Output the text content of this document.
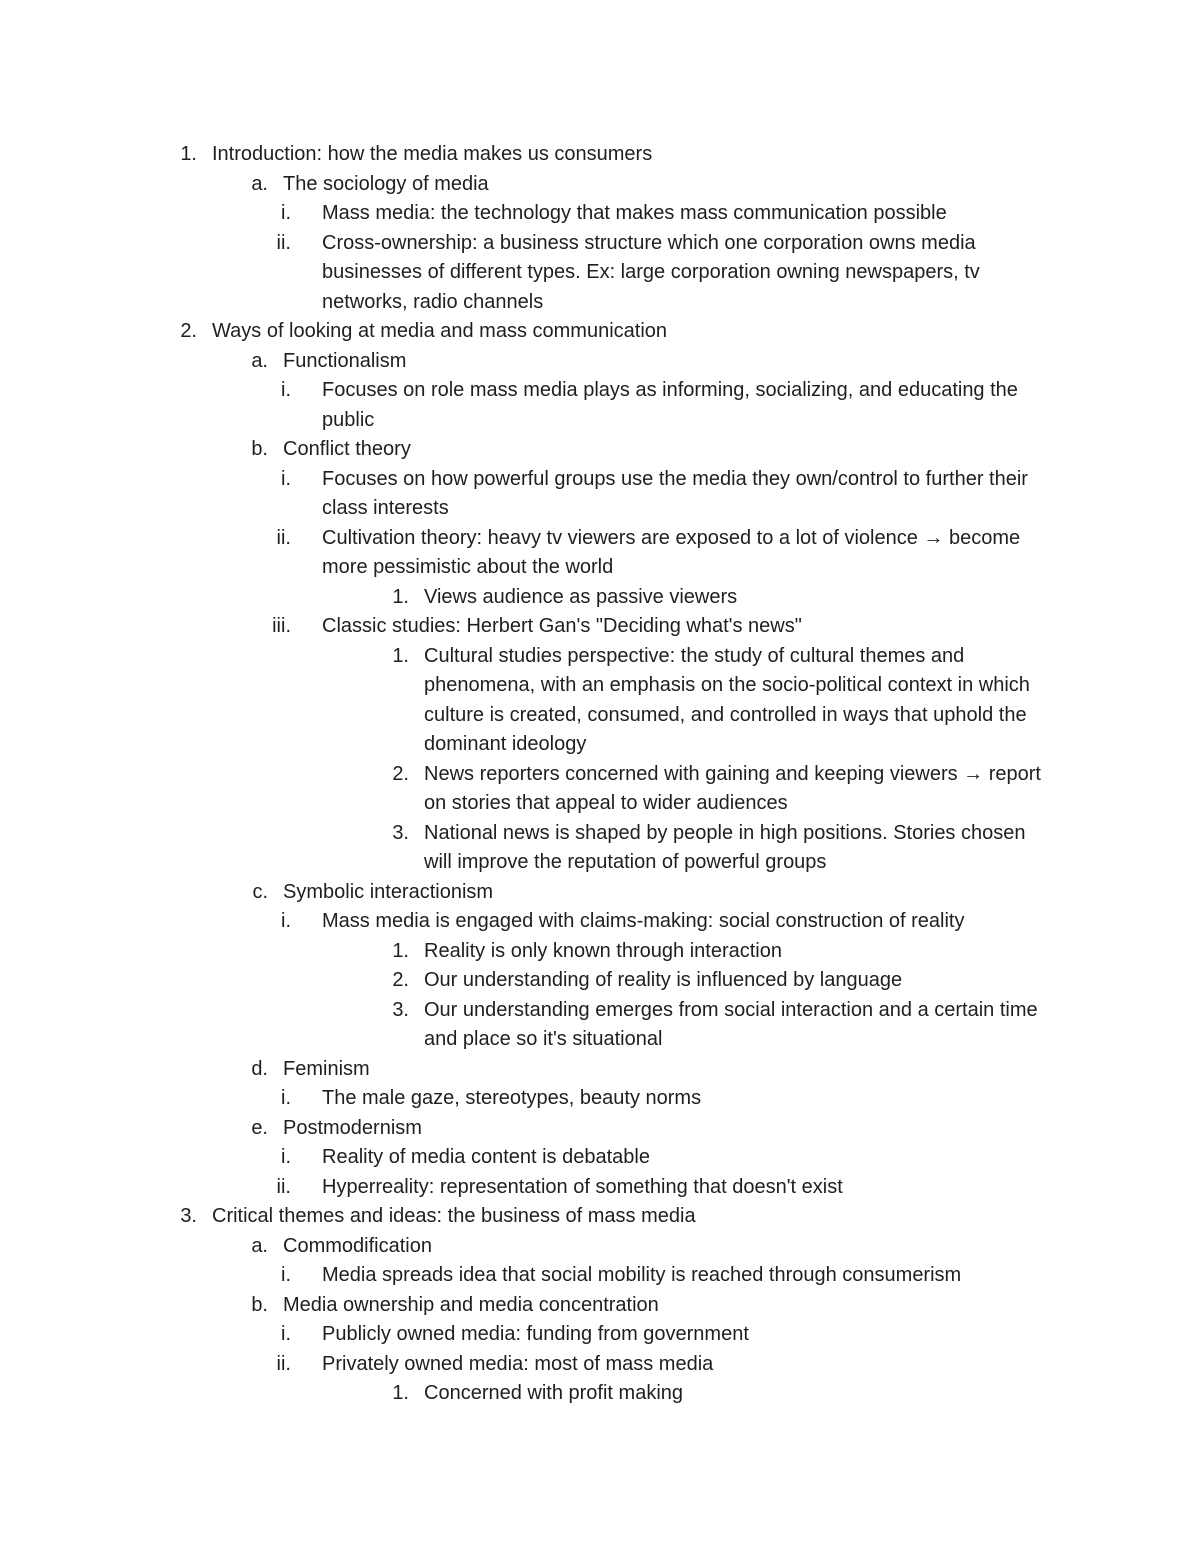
1. Introduction: how the media makes us consumers
a. The sociology of media
i.	Mass media: the technology that makes mass communication possible
ii.	Cross-ownership: a business structure which one corporation owns media businesses of different types. Ex: large corporation owning newspapers, tv networks, radio channels
2. Ways of looking at media and mass communication
a. Functionalism
i.	Focuses on role mass media plays as informing, socializing, and educating the public
b. Conflict theory
i.	Focuses on how powerful groups use the media they own/control to further their class interests
ii.	Cultivation theory: heavy tv viewers are exposed to a lot of violence → become more pessimistic about the world
1. Views audience as passive viewers
iii.	Classic studies: Herbert Gan's "Deciding what's news"
1. Cultural studies perspective: the study of cultural themes and phenomena, with an emphasis on the socio-political context in which culture is created, consumed, and controlled in ways that uphold the dominant ideology
2. News reporters concerned with gaining and keeping viewers → report on stories that appeal to wider audiences
3. National news is shaped by people in high positions. Stories chosen will improve the reputation of powerful groups
c. Symbolic interactionism
i.	Mass media is engaged with claims-making: social construction of reality
1. Reality is only known through interaction
2. Our understanding of reality is influenced by language
3. Our understanding emerges from social interaction and a certain time and place so it's situational
d. Feminism
i.	The male gaze, stereotypes, beauty norms
e. Postmodernism
i.	Reality of media content is debatable
ii.	Hyperreality: representation of something that doesn't exist
3. Critical themes and ideas: the business of mass media
a. Commodification
i.	Media spreads idea that social mobility is reached through consumerism
b. Media ownership and media concentration
i.	Publicly owned media: funding from government
ii.	Privately owned media: most of mass media
1. Concerned with profit making
